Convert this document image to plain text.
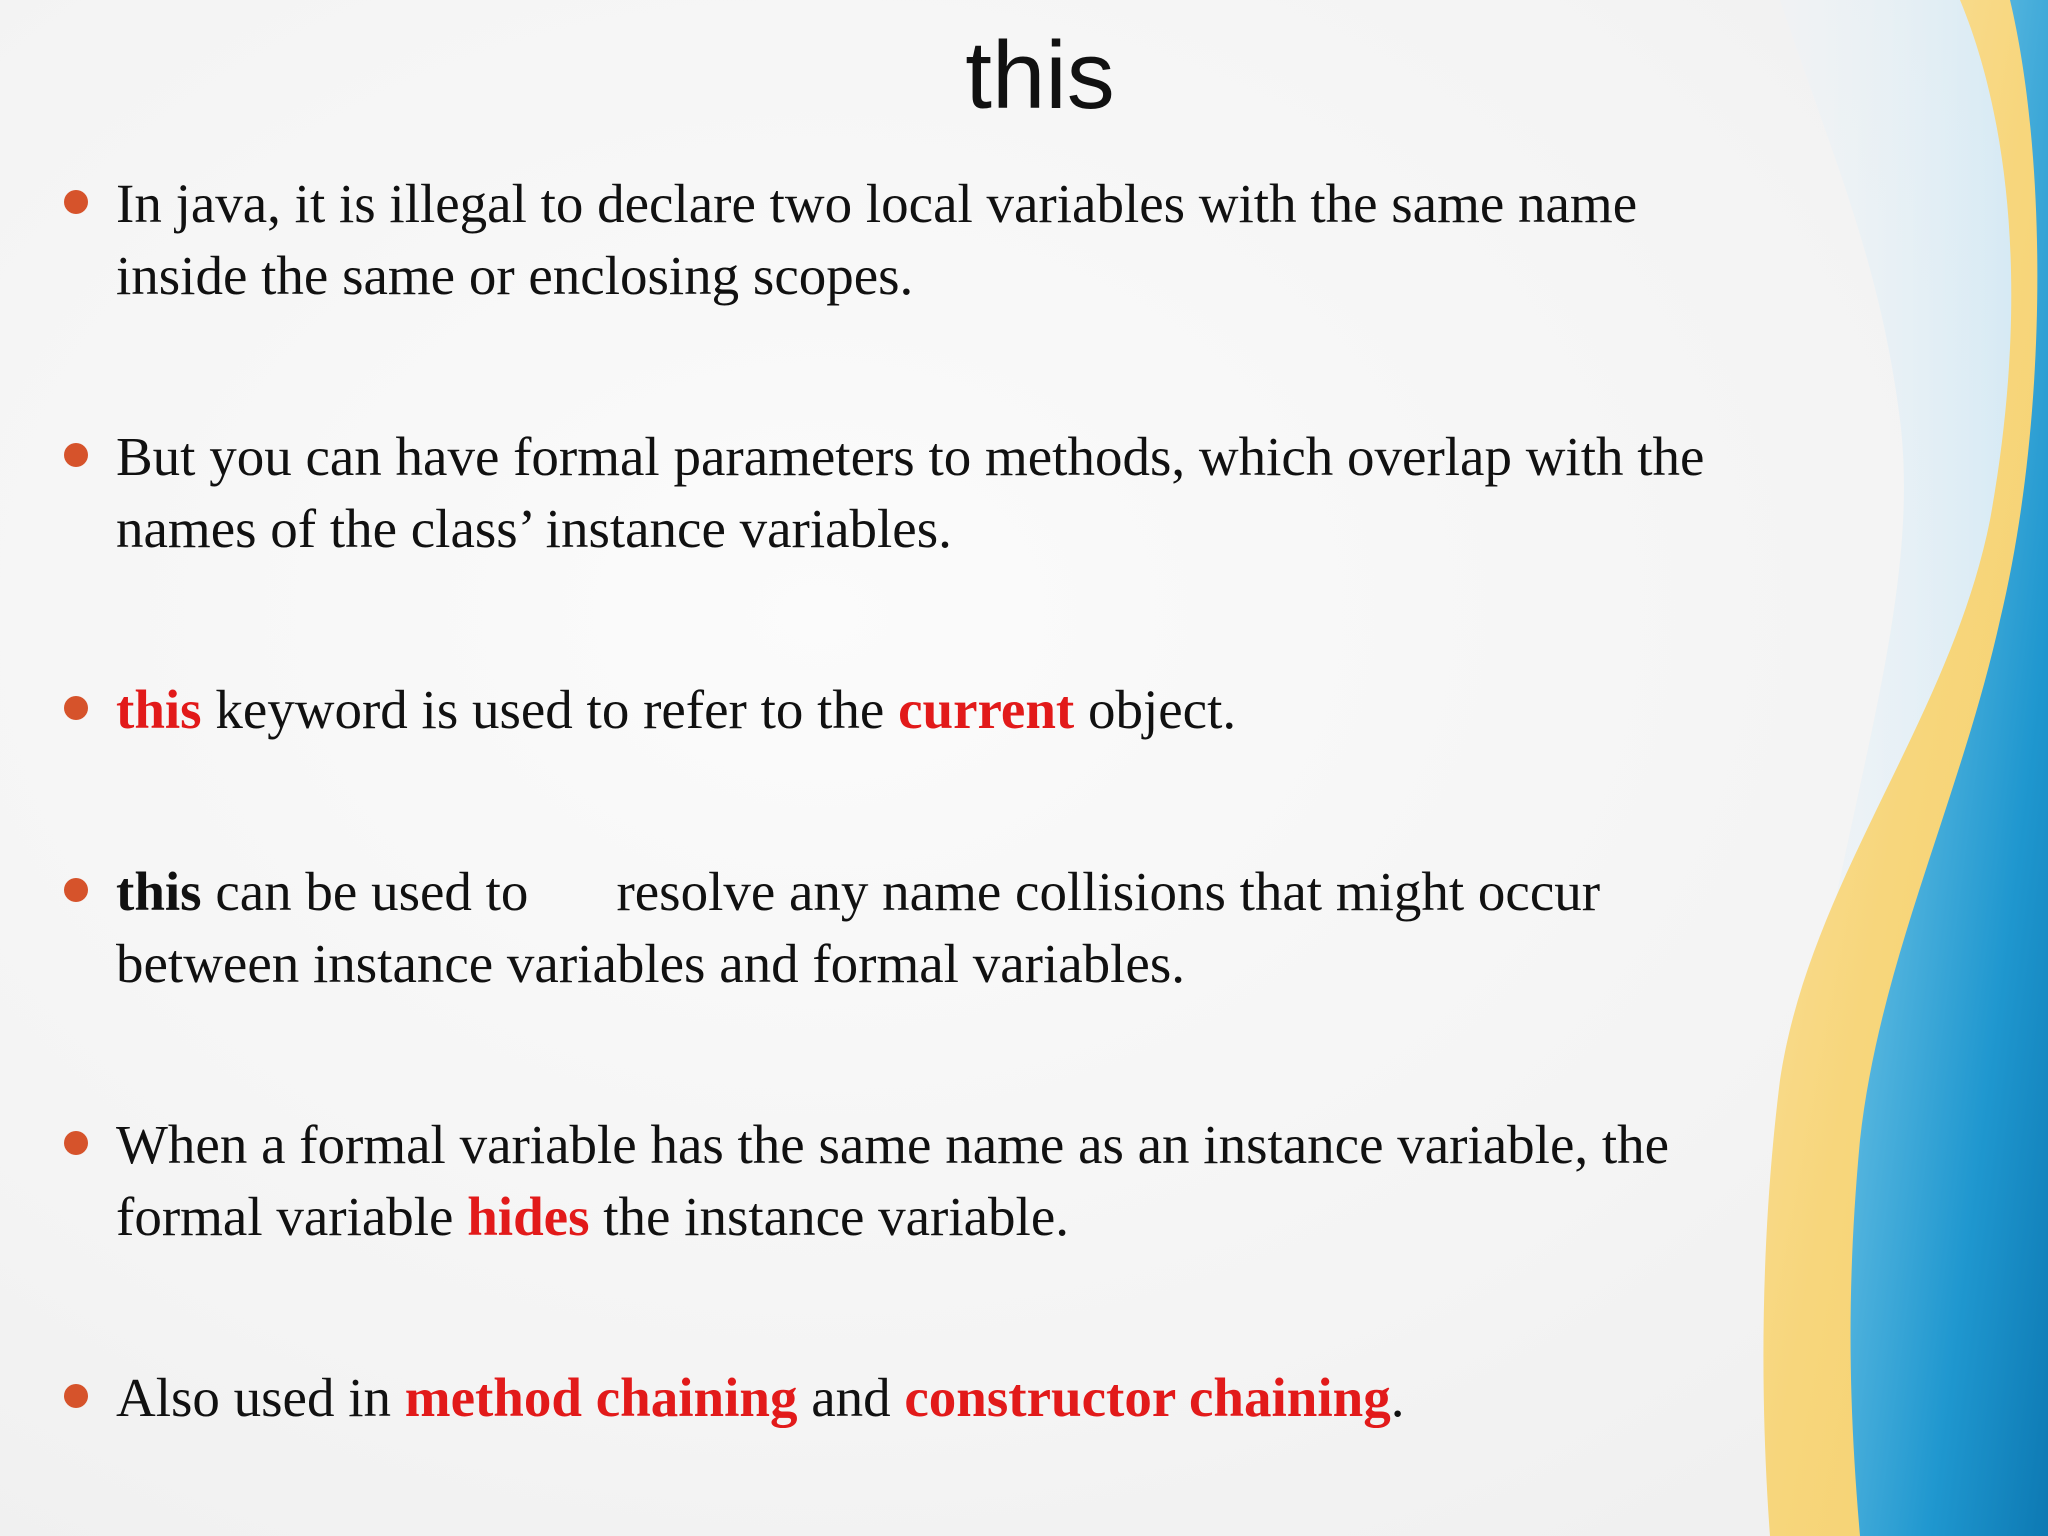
this
In java, it is illegal to declare two local variables with the same name
inside the same or enclosing scopes.
But you can have formal parameters to methods, which overlap with the
names of the class’ instance variables.
this keyword is used to refer to the current object.
this can be used to resolve any name collisions that might occur
between instance variables and formal variables.
When a formal variable has the same name as an instance variable, the
formal variable hides the instance variable.
Also used in method chaining and constructor chaining.
